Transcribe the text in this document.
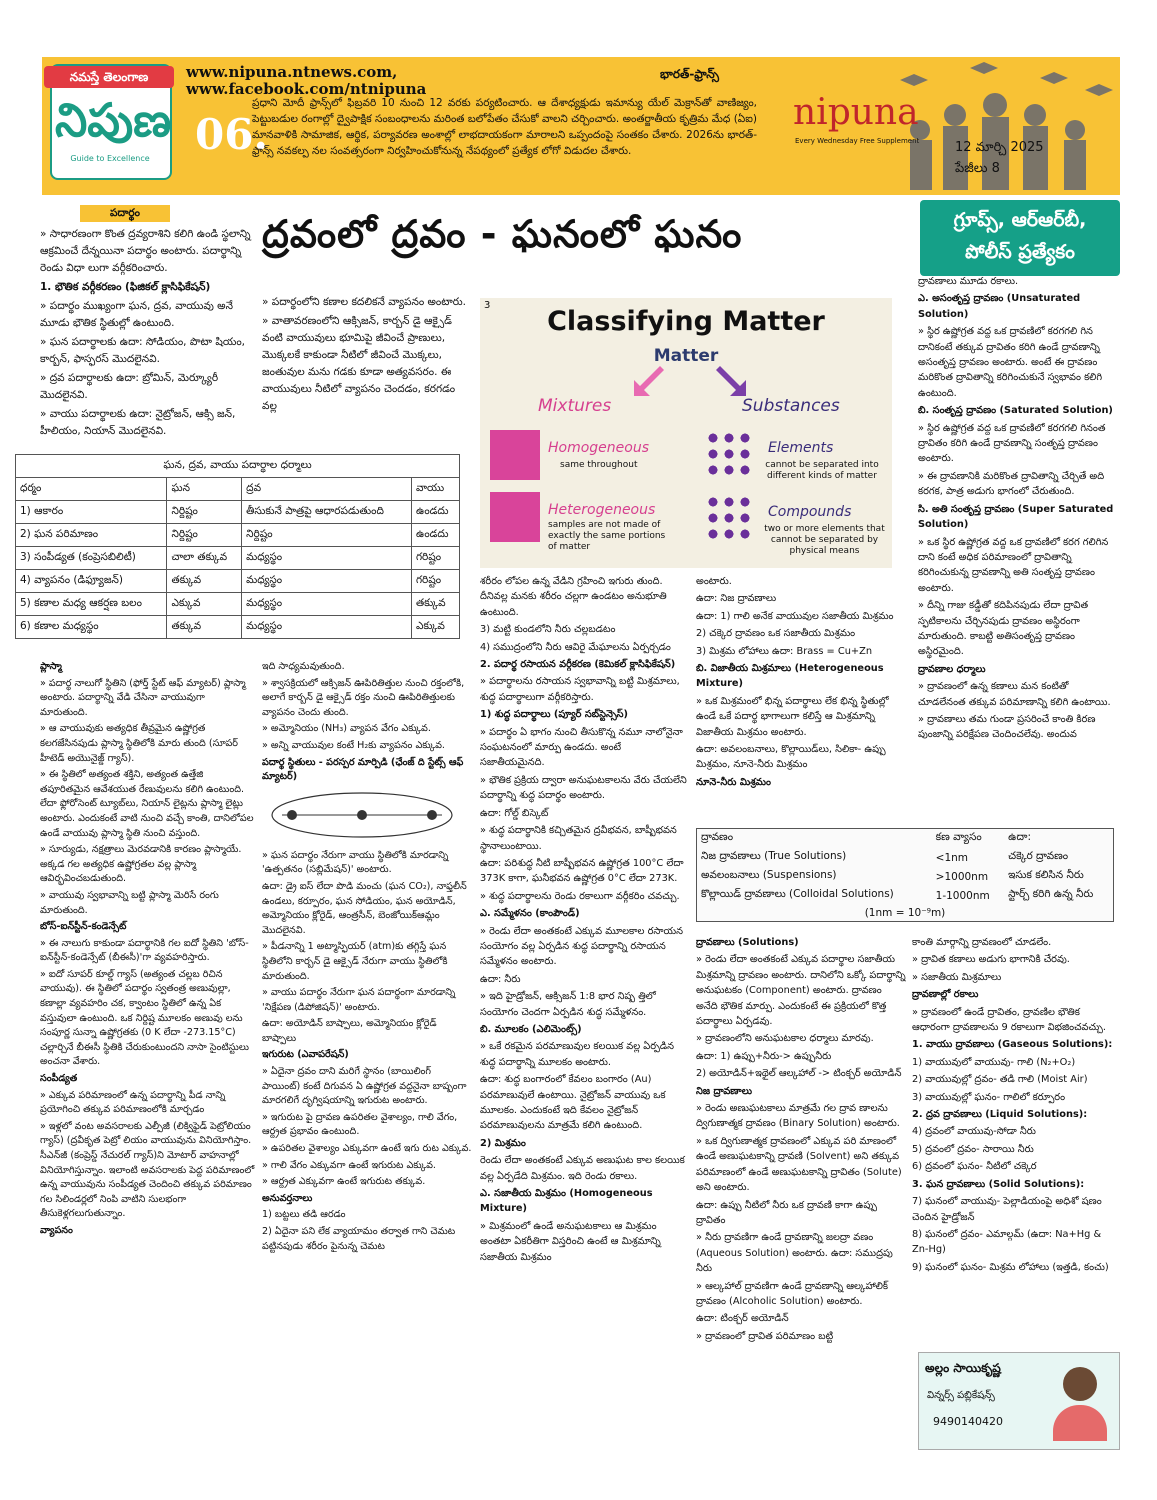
నమస్తే తెలంగాణ
నిపుణ
Guide to Excellence	06.
www.nipuna.ntnews.com,
www.facebook.com/ntnipuna
భారత్-ఫ్రాన్స్
ప్రధాని మోదీ ఫ్రాన్స్‌లో ఫిబ్రవరి 10 నుంచి 12 వరకు పర్యటించారు. ఆ దేశాధ్యక్షుడు ఇమాన్యు యేల్ మెక్రాన్‌తో వాణిజ్యం, పెట్టుబడుల రంగాల్లో ద్వైపాక్షిక సంబంధాలను మరింత బలోపేతం చేసుకో వాలని చర్చించారు. అంతర్జాతీయ కృత్రిమ మేధ (ఏఐ) మానవాళికి సామాజిక, ఆర్థిక, పర్యావరణ అంశాల్లో లాభదాయకంగా మారాలని ఒప్పందంపై సంతకం చేశారు. 2026ను భారత్-ఫ్రాన్స్ నవకల్ప నల సంవత్సరంగా నిర్వహించుకోనున్న నేపథ్యంలో ప్రత్యేక లోగో విడుదల చేశారు.
nipuna
Every Wednesday Free Supplement	12 మార్చి 2025
పేజీలు 8
ద్రవంలో ద్రవం - ఘనంలో ఘనం	గ్రూప్స్, ఆర్‌ఆర్‌బీ,
పోలీస్ ప్రత్యేకం
పదార్థం

» సాధారణంగా కొంత ద్రవ్యరాశిని కలిగి ఉండి స్థలాన్ని ఆక్రమించే దేన్నయినా పదార్థం అంటారు. పదార్థాన్ని రెండు విధా లుగా వర్గీకరించారు.

1. భౌతిక వర్గీకరణం (ఫిజికల్ క్లాసిఫికేషన్)

» పదార్థం ముఖ్యంగా ఘన, ద్రవ, వాయువు అనే మూడు భౌతిక స్థితుల్లో ఉంటుంది.

» ఘన పదార్థాలకు ఉదా: సోడియం, పొటా షియం, కార్బన్, ఫాస్ఫరస్ మొదలైనవి.

» ద్రవ పదార్థాలకు ఉదా: బ్రోమిన్, మెర్క్యూరీ మొదలైనవి.

» వాయు పదార్థాలకు ఉదా: నైట్రోజన్, ఆక్సి జన్, హీలియం, నియాన్ మొదలైనవి.

» పదార్థంలోని కణాల కదలికనే వ్యాపనం అంటారు.

» వాతావరణంలోని ఆక్సిజన్, కార్బన్ డై ఆక్సైడ్ వంటి వాయువులు భూమిపై జీవించే ప్రాణులు, మొక్కలకే కాకుండా నీటిలో జీవించే మొక్కలు, జంతువుల మను గడకు కూడా అత్యవసరం. ఈ వాయువులు నీటిలో వ్యాపనం చెందడం, కరగడం వల్ల

3
Classifying Matter
Matter
Mixtures	Substances
Homogeneous
same throughout
Heterogeneous
samples are not made of exactly the same portions of matter
Elements
cannot be separated into different kinds of matter
Compounds
two or more elements that cannot be separated by physical means
ఘన, ద్రవ, వాయు పదార్థాల ధర్మాలు			
ధర్మం	ఘన	ద్రవ	వాయు
1) ఆకారం	నిర్దిష్టం	తీసుకునే పాత్రపై ఆధారపడుతుంది	ఉండదు
2) ఘన పరిమాణం	నిర్దిష్టం	నిర్దిష్టం	ఉండదు
3) సంపీడ్యత (కంప్రెసబిలిటీ)	చాలా తక్కువ	మధ్యస్థం	గరిష్టం
4) వ్యాపనం (డిఫ్యూజన్)	తక్కువ	మధ్యస్థం	గరిష్టం
5) కణాల మధ్య ఆకర్షణ బలం	ఎక్కువ	మధ్యస్థం	తక్కువ
6) కణాల మధ్యస్థం	తక్కువ	మధ్యస్థం	ఎక్కువ

ప్లాస్మా

» పదార్థ నాలుగో స్థితిని (ఫోర్త్ స్టేట్ ఆఫ్ మ్యాటర్) ప్లాస్మా అంటారు. పదార్థాన్ని వేడి చేసినా వాయువుగా మారుతుంది.

» ఆ వాయువుకు అత్యధిక తీవ్రమైన ఉష్ణోగ్రత కలగజేసినపుడు ప్లాస్మా స్థితిలోకి మారు తుంది (సూపర్ హీటెడ్ అయొనైజ్డ్ గ్యాస్).

» ఈ స్థితిలో అత్యంత శక్తిని, అత్యంత ఉత్తేజి తపూరితమైన ఆవేశయుత రేణువులను కలిగి ఉంటుంది. లేదా ఫ్లోరోసెంట్ ట్యూబ్‌లు, నియాన్ లైట్లను ప్లాస్మా లైట్లు అంటారు. ఎందుకంటే వాటి నుంచి వచ్చే కాంతి, దానిలోపల ఉండే వాయువు ప్లాస్మా స్థితి నుంచి వస్తుంది.

» సూర్యుడు, నక్షత్రాలు మెరవడానికి కారణం ప్లాస్మాయే. అక్కడ గల అత్యధిక ఉష్ణోగ్రతల వల్ల ప్లాస్మా ఆవిర్భవించబడుతుంది.

» వాయువు స్వభావాన్ని బట్టి ప్లాస్మా మెరిసే రంగు మారుతుంది.

బోస్-ఐన్‌స్టీన్-కండెన్సేట్

» ఈ నాలుగు కాకుండా పదార్థానికి గల ఐదో స్థితిని 'బోస్-ఐన్‌స్టీన్-కండెన్సేట్ (బీఈసీ)'గా వ్యవహరిస్తారు.

» ఐదో సూపర్ కూల్డ్ గ్యాస్ (అత్యంత చల్లబ రిచిన వాయువు). ఈ స్థితిలో పదార్థం స్వతంత్ర అణువుల్లా, కణాల్లా వ్యవహరిం చక, క్వాంటం స్థితిలో ఉన్న ఏక వస్తువులా ఉంటుంది. ఒక నిర్దిష్ట మూలకం అణువు లను సంపూర్ణ సున్నా ఉష్ణోగ్రతకు (0 K లేదా -273.15°C) చల్లార్చినే బీఈసీ స్థితికి చేరుకుంటుందని నాసా సైంటిస్టులు అంచనా వేశారు.

సంపీడ్యత

» ఎక్కువ పరిమాణంలో ఉన్న పదార్థాన్ని పీడ నాన్ని ప్రయోగించి తక్కువ పరిమాణంలోకి మార్చడం

» ఇళ్లలో వంట అవసరాలకు ఎల్పీజీ (లిక్విఫైడ్ పెట్రోలియం గ్యాస్) (ద్రవీకృత పెట్రో లియం వాయువును వినియోగిస్తాం. సీఎన్‌జీ (కంప్రెస్డ్ నేచురల్ గ్యాస్)ని మోటార్ వాహనాల్లో వినియోగిస్తున్నాం. ఇలాంటి అవసరాలకు పెద్ద పరిమాణంలో ఉన్న వాయువును సంపీడ్యత చెందించి తక్కువ పరిమాణం గల సిలిండర్లలో నింపి వాటిని సులభంగా తీసుకెళ్లగలుగుతున్నాం.

వ్యాపనం

ఇది సాధ్యమవుతుంది.

» శ్వాసక్రియలో ఆక్సిజన్ ఊపిరితిత్తుల నుంచి రక్తంలోకి, అలాగే కార్బన్ డై ఆక్సైడ్ రక్తం నుంచి ఊపిరితిత్తులకు వ్యాపనం చెందు తుంది.

» అమ్మోనియం (NH₃) వ్యాపన వేగం ఎక్కువ.

» అన్ని వాయువుల కంటే H₂కు వ్యాపనం ఎక్కువ.

పదార్థ స్థితులు - పరస్పర మార్పిడి (ఛేంజ్ ది స్టేట్స్ ఆఫ్ మ్యాటర్)

» ఘన పదార్థం నేరుగా వాయు స్థితిలోకి మారడాన్ని 'ఉత్పతనం (సబ్లిమేషన్)' అంటారు.

ఉదా: డ్రై ఐస్ లేదా పొడి మంచు (ఘన CO₂), నాఫ్తలీన్ ఉండలు, కర్పూరం, ఘన సోడియం, ఘన అయోడిన్, అమ్మోనియం క్లోరైడ్, ఆంత్రసీన్, బెంజోయిక్‌ఆమ్లం మొదలైనవి.

» పీడనాన్ని 1 అట్మాస్ఫియర్ (atm)కు తగ్గిస్తే ఘన స్థితిలోని కార్బన్ డై ఆక్సైడ్ నేరుగా వాయు స్థితిలోకి మారుతుంది.

» వాయు పదార్థం నేరుగా ఘన పదార్థంగా మారడాన్ని 'నిక్షేపణ (డిపోజిషన్)' అంటారు.

ఉదా: అయోడిన్ బాష్పాలు, అమ్మోనియం క్లోరైడ్ బాష్పాలు

ఇగురుట (ఎవాపరేషన్)

» ఏదైనా ద్రవం దాని మరిగే స్థానం (బాయిలింగ్ పాయింట్) కంటే దిగువన ఏ ఉష్ణోగ్రత వద్దనైనా బాష్పంగా మారగలిగే దృగ్విషయాన్ని ఇగురుట అంటారు.

» ఇగురుట పై ద్రావణ ఉపరితల వైశాల్యం, గాలి వేగం, ఆర్ద్రత ప్రభావం ఉంటుంది.

» ఉపరితల వైశాల్యం ఎక్కువగా ఉంటే ఇగు రుట ఎక్కువ.

» గాలి వేగం ఎక్కువగా ఉంటే ఇగురుట ఎక్కువ.

» ఆర్ద్రత ఎక్కువగా ఉంటే ఇగురుట తక్కువ.

అనువర్తనాలు

1) బట్టలు తడి ఆరడం

2) ఏదైనా పని లేక వ్యాయామం తర్వాత గాని చెమట పట్టినపుడు శరీరం పైనున్న చెమట

శరీరం లోపల ఉన్న వేడిని గ్రహించి ఇగురు తుంది. దీనివల్ల మనకు శరీరం చల్లగా ఉండటం అనుభూతి ఉంటుంది.

3) మట్టి కుండలోని నీరు చల్లబడటం

4) సముద్రంలోని నీరు ఆవిరై మేఘాలను ఏర్పర్చడం

2. పదార్థ రసాయన వర్గీకరణ (కెమికల్ క్లాసిఫికేషన్)

» పదార్థాలను రసాయన స్వభావాన్ని బట్టి మిశ్రమాలు, శుద్ధ పదార్థాలుగా వర్గీకరిస్తారు.

1) శుద్ధ పదార్థాలు (ప్యూర్ సబ్‌స్టెన్సెస్)

» పదార్థం ఏ భాగం నుంచి తీసుకొన్న నమూ నాలోనైనా సంఘటనంలో మార్పు ఉండదు. అంటే సజాతీయమైనది.

» భౌతిక ప్రక్రియ ద్వారా అనుఘటకాలను వేరు చేయలేని పదార్థాన్ని శుద్ధ పదార్థం అంటారు.

ఉదా: గోల్డ్ బిస్కెట్

» శుద్ధ పదార్థానికి కచ్చితమైన ద్రవీభవన, బాష్పీభవన స్థానాలుంటాయి.

ఉదా: పరిశుద్ధ నీటి బాష్పీభవన ఉష్ణోగ్రత 100°C లేదా 373K కాగా, ఘనీభవన ఉష్ణోగ్రత 0°C లేదా 273K.

» శుద్ధ పదార్థాలను రెండు రకాలుగా వర్గీకరిం చవచ్చు.

ఎ. సమ్మేళనం (కాంపౌండ్)

» రెండు లేదా అంతకంటే ఎక్కువ మూలకాల రసాయన సంయోగం వల్ల ఏర్పడిన శుద్ధ పదార్థాన్ని రసాయన సమ్మేళనం అంటారు.

ఉదా: నీరు

» ఇది హైడ్రోజన్, ఆక్సిజన్ 1:8 భార నిష్ప త్తిలో సంయోగం చెందగా ఏర్పడిన శుద్ధ సమ్మేళనం.

బి. మూలకం (ఎలిమెంట్స్)

» ఒకే రకమైన పరమాణువుల కలయిక వల్ల ఏర్పడిన శుద్ధ పదార్థాన్ని మూలకం అంటారు.

ఉదా: శుద్ధ బంగారంలో కేవలం బంగారం (Au) పరమాణువులే ఉంటాయి. నైట్రోజన్ వాయువు ఒక మూలకం. ఎందుకంటే ఇది కేవలం నైట్రోజన్ పరమాణువులను మాత్రమే కలిగి ఉంటుంది.

2) మిశ్రమం

రెండు లేదా అంతకంటే ఎక్కువ అణుఘట కాల కలయిక వల్ల ఏర్పడేది మిశ్రమం. ఇది రెండు రకాలు.

ఎ. సజాతీయ మిశ్రమం (Homogeneous Mixture)

» మిశ్రమంలో ఉండే అనుఘటకాలు ఆ మిశ్రమం అంతటా ఏకరీతిగా విస్తరించి ఉంటే ఆ మిశ్రమాన్ని సజాతీయ మిశ్రమం

అంటారు.

ఉదా: నిజ ద్రావణాలు

ఉదా: 1) గాలి అనేక వాయువుల సజాతీయ మిశ్రమం

2) చక్కెర ద్రావణం ఒక సజాతీయ మిశ్రమం

3) మిశ్రమ లోహాలు ఉదా: Brass = Cu+Zn

బి. విజాతీయ మిశ్రమాలు (Heterogeneous Mixture)

» ఒక మిశ్రమంలో భిన్న పదార్థాలు లేక భిన్న స్థితుల్లో ఉండే ఒకే పదార్థ భాగాలుగా కలిస్తే ఆ మిశ్రమాన్ని విజాతీయ మిశ్రమం అంటారు.

ఉదా: అవలంబనాలు, కొల్లాయిడ్‌లు, సిలికా- ఉప్పు మిశ్రమం, నూనె-నీరు మిశ్రమం

నూనె-నీరు మిశ్రమం

ద్రావణం	కణ వ్యాసం	ఉదా:
నిజ ద్రావణాలు (True Solutions)	<1nm	చక్కెర ద్రావణం
అవలంబనాలు (Suspensions)	>1000nm	ఇసుక కలిసిన నీరు
కొల్లాయిడ్ ద్రావణాలు (Colloidal Solutions)	1-1000nm	స్టార్చ్ కరిగి ఉన్న నీరు
(1nm = 10⁻⁹m)		

ద్రావణాలు (Solutions)

» రెండు లేదా అంతకంటే ఎక్కువ పదార్థాల సజాతీయ మిశ్రమాన్ని ద్రావణం అంటారు. దానిలోని ఒక్కో పదార్థాన్ని అనుఘటకం (Component) అంటారు. ద్రావణం అనేది భౌతిక మార్పు. ఎందుకంటే ఈ ప్రక్రియలో కొత్త పదార్థాలు ఏర్పడవు.

» ద్రావణంలోని అనుఘటకాల ధర్మాలు మారవు.

ఉదా: 1) ఉప్పు+నీరు-> ఉప్పునీరు

2) అయోడిన్+ఇథైల్ ఆల్కహాల్ -> టింక్చర్ అయోడిన్

నిజ ద్రావణాలు

» రెండు అణుఘటకాలు మాత్రమే గల ద్రావ ణాలను ద్విగుణాత్మక ద్రావణం (Binary Solution) అంటారు.

» ఒక ద్విగుణాత్మక ద్రావణంలో ఎక్కువ పరి మాణంలో ఉండే అణుఘటకాన్ని ద్రావణి (Solvent) అని తక్కువ పరిమాణంలో ఉండే అణుఘటకాన్ని ద్రావితం (Solute) అని అంటారు.

ఉదా: ఉప్పు నీటిలో నీరు ఒక ద్రావణి కాగా ఉప్పు ద్రావితం

» నీరు ద్రావణిగా ఉండే ద్రావణాన్ని జలద్రా వణం (Aqueous Solution) అంటారు. ఉదా: సముద్రపు నీరు

» ఆల్కహాల్ ద్రావణిగా ఉండే ద్రావణాన్ని ఆల్కహాలిక్ ద్రావణం (Alcoholic Solution) అంటారు.

ఉదా: టింక్చర్ అయోడిన్

» ద్రావణంలో ద్రావిత పరిమాణం బట్టి

ద్రావణాలు మూడు రకాలు.

ఎ. అసంతృప్త ద్రావణం (Unsaturated Solution)

» స్థిర ఉష్ణోగ్రత వద్ద ఒక ద్రావణిలో కరగగలి గిన దానికంటే తక్కువ ద్రావితం కరిగి ఉండే ద్రావణాన్ని అసంతృప్త ద్రావణం అంటారు. అంటే ఈ ద్రావణం మరికొంత ద్రావితాన్ని కరిగించుకునే స్వభావం కలిగి ఉంటుంది.

బి. సంతృప్త ద్రావణం (Saturated Solution)

» స్థిర ఉష్ణోగ్రత వద్ద ఒక ద్రావణిలో కరగగలి గినంత ద్రావితం కరిగి ఉండే ద్రావణాన్ని సంతృప్త ద్రావణం అంటారు.

» ఈ ద్రావణానికి మరికొంత ద్రావితాన్ని చేర్చితే అది కరగక, పాత్ర అడుగు భాగంలో చేరుతుంది.

సి. అతి సంతృప్త ద్రావణం (Super Saturated Solution)

» ఒక స్థిర ఉష్ణోగ్రత వద్ద ఒక ద్రావణిలో కరగ గలిగిన దాని కంటే అధిక పరిమాణంలో ద్రావితాన్ని కరిగించుకున్న ద్రావణాన్ని అతి సంతృప్త ద్రావణం అంటారు.

» దీన్ని గాజు కడ్డీతో కదిపినపుడు లేదా ద్రావిత స్ఫటికాలను చేర్చినపుడు ద్రావణం అస్థిరంగా మారుతుంది. కాబట్టి అతిసంతృప్త ద్రావణం అస్థిరమైంది.

ద్రావణాల ధర్మాలు

» ద్రావణంలో ఉన్న కణాలు మన కంటితో చూడలేనంత తక్కువ పరిమాణాన్ని కలిగి ఉంటాయి.

» ద్రావణాలు తమ గుండా ప్రసరించే కాంతి కిరణ పుంజాన్ని పరిక్షేపణ చెందించలేవు. అందువ

కాంతి మార్గాన్ని ద్రావణంలో చూడలేం.

» ద్రావిత కణాలు అడుగు భాగానికి చేరవు.

» సజాతీయ మిశ్రమాలు

ద్రావణాల్లో రకాలు

» ద్రావణంలో ఉండే ద్రావితం, ద్రావణిల భౌతిక ఆధారంగా ద్రావణాలను 9 రకాలుగా విభజించవచ్చు.

1. వాయు ద్రావణాలు (Gaseous Solutions):

1) వాయువులో వాయువు- గాలి (N₂+O₂)

2) వాయువుల్లో ద్రవం- తడి గాలి (Moist Air)

3) వాయువుల్లో ఘనం- గాలిలో కర్పూరం

2. ద్రవ ద్రావణాలు (Liquid Solutions):

4) ద్రవంలో వాయువు-సోడా నీరు

5) ద్రవంలో ద్రవం- సారాయి నీరు

6) ద్రవంలో ఘనం- నీటిలో చక్కెర

3. ఘన ద్రావణాలు (Solid Solutions):

7) ఘనంలో వాయువు- పెల్లాడియంపై అధిశో షణం చెందిన హైడ్రోజన్

8) ఘనంలో ద్రవం- ఎమాల్గమ్ (ఉదా: Na+Hg & Zn-Hg)

9) ఘనంలో ఘనం- మిశ్రమ లోహాలు (ఇత్తడి, కంచు)

అల్లం సాయికృష్ణ
విన్నర్స్ పబ్లికేషన్స్
9490140420
